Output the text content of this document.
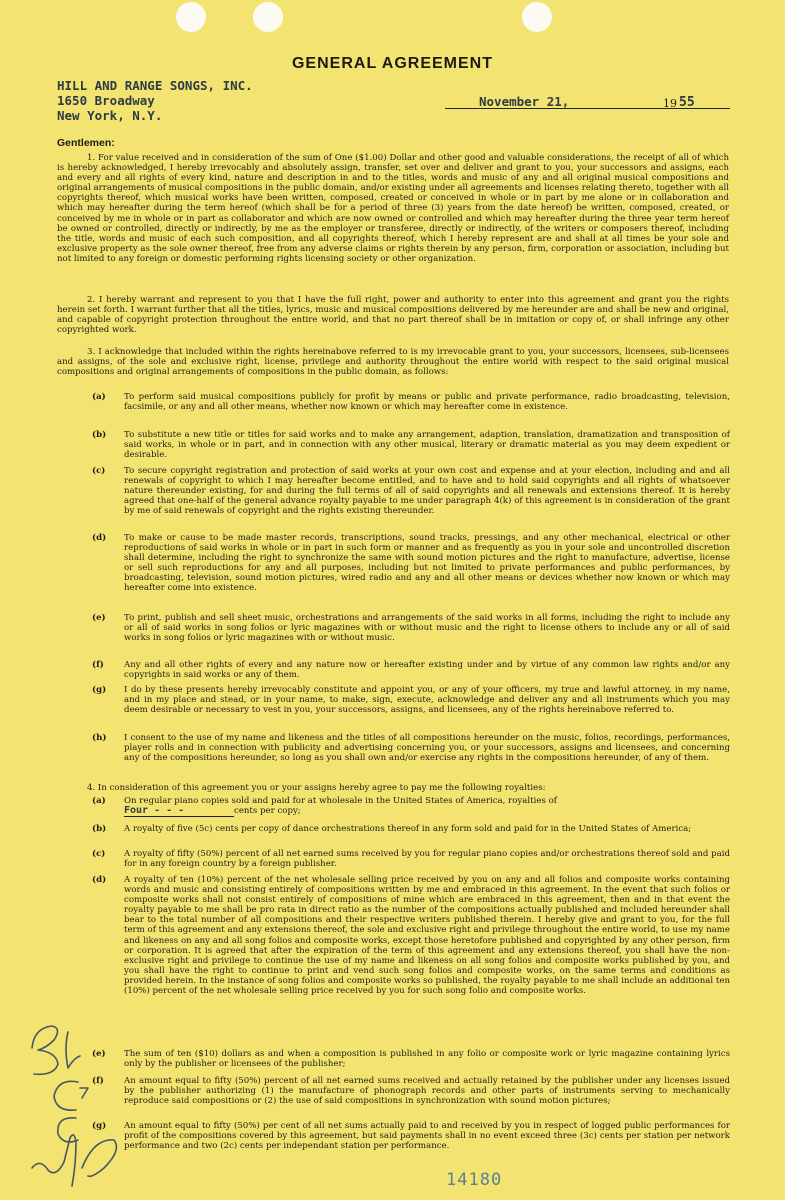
GENERAL AGREEMENT
HILL AND RANGE SONGS, INC.
1650 Broadway
New York, N.Y.
November 21,	19 55
Gentlemen:

1. For value received and in consideration of the sum of One ($1.00) Dollar and other good and valuable considerations, the receipt of all of which is hereby acknowledged, I hereby irrevocably and absolutely assign, transfer, set over and deliver and grant to you, your successors and assigns, each and every and all rights of every kind, nature and description in and to the titles, words and music of any and all original musical compositions and original arrangements of musical compositions in the public domain, and/or existing under all agreements and licenses relating thereto, together with all copyrights thereof, which musical works have been written, composed, created or conceived in whole or in part by me alone or in collaboration and which may hereafter during the term hereof (which shall be for a period of three (3) years from the date hereof) be written, composed, created, or conceived by me in whole or in part as collaborator and which are now owned or controlled and which may hereafter during the three year term hereof be owned or controlled, directly or indirectly, by me as the employer or transferee, directly or indirectly, of the writers or composers thereof, including the title, words and music of each such composition, and all copyrights thereof, which I hereby represent are and shall at all times be your sole and exclusive property as the sole owner thereof, free from any adverse claims or rights therein by any person, firm, corporation or association, including but not limited to any foreign or domestic performing rights licensing society or other organization.

2. I hereby warrant and represent to you that I have the full right, power and authority to enter into this agreement and grant you the rights herein set forth. I warrant further that all the titles, lyrics, music and musical compositions delivered by me hereunder are and shall be new and original, and capable of copyright protection throughout the entire world, and that no part thereof shall be in imitation or copy of, or shall infringe any other copyrighted work.

3. I acknowledge that included within the rights hereinabove referred to is my irrevocable grant to you, your successors, licensees, sub-licensees and assigns, of the sole and exclusive right, license, privilege and authority throughout the entire world with respect to the said original musical compositions and original arrangements of compositions in the public domain, as follows:

(a) To perform said musical compositions publicly for profit by means or public and private performance, radio broadcasting, television, facsimile, or any and all other means, whether now known or which may hereafter come in existence.
(b) To substitute a new title or titles for said works and to make any arrangement, adaption, translation, dramatization and transposition of said works, in whole or in part, and in connection with any other musical, literary or dramatic material as you may deem expedient or desirable.
(c) To secure copyright registration and protection of said works at your own cost and expense and at your election, including and and all renewals of copyright to which I may hereafter become entitled, and to have and to hold said copyrights and all rights of whatsoever nature thereunder existing, for and during the full terms of all of said copyrights and all renewals and extensions thereof. It is hereby agreed that one-half of the general advance royalty payable to me under paragraph 4(k) of this agreement is in consideration of the grant by me of said renewals of copyright and the rights existing thereunder.
(d) To make or cause to be made master records, transcriptions, sound tracks, pressings, and any other mechanical, electrical or other reproductions of said works in whole or in part in such form or manner and as frequently as you in your sole and uncontrolled discretion shall determine, including the right to synchronize the same with sound motion pictures and the right to manufacture, advertise, license or sell such reproductions for any and all purposes, including but not limited to private performances and public performances, by broadcasting, television, sound motion pictures, wired radio and any and all other means or devices whether now known or which may hereafter come into existence.
(e) To print, publish and sell sheet music, orchestrations and arrangements of the said works in all forms, including the right to include any or all of said works in song folios or lyric magazines with or without music and the right to license others to include any or all of said works in song folios or lyric magazines with or without music.
(f) Any and all other rights of every and any nature now or hereafter existing under and by virtue of any common law rights and/or any copyrights in said works or any of them.
(g) I do by these presents hereby irrevocably constitute and appoint you, or any of your officers, my true and lawful attorney, in my name, and in my place and stead, or in your name, to make, sign, execute, acknowledge and deliver any and all instruments which you may deem desirable or necessary to vest in you, your successors, assigns, and licensees, any of the rights hereinabove referred to.
(h) I consent to the use of my name and likeness and the titles of all compositions hereunder on the music, folios, recordings, performances, player rolls and in connection with publicity and advertising concerning you, or your successors, assigns and licensees, and concerning any of the compositions hereunder, so long as you shall own and/or exercise any rights in the compositions hereunder, of any of them.

4. In consideration of this agreement you or your assigns hereby agree to pay me the following royalties:

(a) On regular piano copies sold and paid for at wholesale in the United States of America, royalties of
Four - - -	cents per copy;
(b) A royalty of five (5c) cents per copy of dance orchestrations thereof in any form sold and paid for in the United States of America;
(c) A royalty of fifty (50%) percent of all net earned sums received by you for regular piano copies and/or orchestrations thereof sold and paid for in any foreign country by a foreign publisher.
(d) A royalty of ten (10%) percent of the net wholesale selling price received by you on any and all folios and composite works containing words and music and consisting entirely of compositions written by me and embraced in this agreement. In the event that such folios or composite works shall not consist entirely of compositions of mine which are embraced in this agreement, then and in that event the royalty payable to me shall be pro rata in direct ratio as the number of the compositions actually published and included hereunder shall bear to the total number of all compositions and their respective writers published therein. I hereby give and grant to you, for the full term of this agreement and any extensions thereof, the sole and exclusive right and privilege throughout the entire world, to use my name and likeness on any and all song folios and composite works, except those heretofore published and copyrighted by any other person, firm or corporation. It is agreed that after the expiration of the term of this agreement and any extensions thereof, you shall have the non-exclusive right and privilege to continue the use of my name and likeness on all song folios and composite works published by you, and you shall have the right to continue to print and vend such song folios and composite works, on the same terms and conditions as provided herein. In the instance of song folios and composite works so published, the royalty payable to me shall include an additional ten (10%) percent of the net wholesale selling price received by you for such song folio and composite works.
(e) The sum of ten ($10) dollars as and when a composition is published in any folio or composite work or lyric magazine containing lyrics only by the publisher or licensees of the publisher;
(f) An amount equal to fifty (50%) percent of all net earned sums received and actually retained by the publisher under any licenses issued by the publisher authorizing (1) the manufacture of phonograph records and other parts of instruments serving to mechanically reproduce said compositions or (2) the use of said compositions in synchronization with sound motion pictures;
(g) An amount equal to fifty (50%) per cent of all net sums actually paid to and received by you in respect of logged public performances for profit of the compositions covered by this agreement, but said payments shall in no event exceed three (3c) cents per station per network performance and two (2c) cents per independant station per performance.
14180
